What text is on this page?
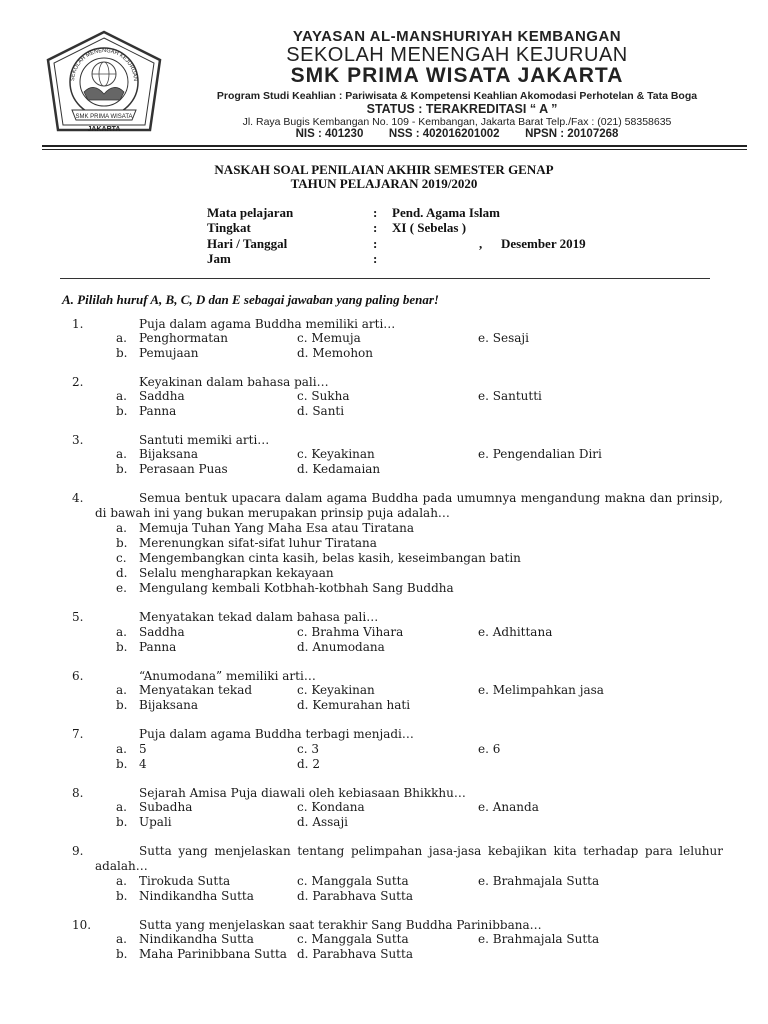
SMK PRIMA WISATA
JAKARTA
SEKOLAH MENENGAH KEJURUAN
YAYASAN AL-MANSHURIYAH KEMBANGAN
SEKOLAH MENENGAH KEJURUAN
SMK PRIMA WISATA JAKARTA
Program Studi Keahlian : Pariwisata & Kompetensi Keahlian Akomodasi Perhotelan & Tata Boga
STATUS : TERAKREDITASI “ A ”
Jl. Raya Bugis Kembangan No. 109 - Kembangan, Jakarta Barat Telp./Fax : (021) 58358635
NIS : 401230        NSS : 402016201002        NPSN : 20107268
NASKAH SOAL PENILAIAN AKHIR SEMESTER GENAP
TAHUN PELAJARAN 2019/2020
Mata pelajaran	: Pend. Agama Islam
Tingkat	: XI ( Sebelas )
Hari / Tanggal	:	, Desember 2019
Jam	:
A. Pililah huruf A, B, C, D dan E sebagai jawaban yang paling benar!
1.	Puja dalam agama Buddha memiliki arti…
a. Penghormatan
b. Pemujaan
c. Memuja
d. Memohon
e. Sesaji
2.	Keyakinan dalam bahasa pali…
a. Saddha
b. Panna
c. Sukha
d. Santi
e. Santutti
3.	Santuti memiki arti…
a. Bijaksana
b. Perasaan Puas
c. Keyakinan
d. Kedamaian
e. Pengendalian Diri
4.	Semua bentuk upacara dalam agama Buddha pada umumnya mengandung makna dan prinsip, di bawah ini yang bukan merupakan prinsip puja adalah…
a. Memuja Tuhan Yang Maha Esa atau Tiratana
b. Merenungkan sifat-sifat luhur Tiratana
c. Mengembangkan cinta kasih, belas kasih, keseimbangan batin
d. Selalu mengharapkan kekayaan
e. Mengulang kembali Kotbhah-kotbhah Sang Buddha
5.	Menyatakan tekad dalam bahasa pali…
a. Saddha
b. Panna
c. Brahma Vihara
d. Anumodana
e. Adhittana
6.	“Anumodana” memiliki arti…
a. Menyatakan tekad
b. Bijaksana
c. Keyakinan
d. Kemurahan hati
e. Melimpahkan jasa
7.	Puja dalam agama Buddha terbagi menjadi…
a. 5
b. 4
c. 3
d. 2
e. 6
8.	Sejarah Amisa Puja diawali oleh kebiasaan Bhikkhu…
a. Subadha
b. Upali
c. Kondana
d. Assaji
e. Ananda
9.	Sutta yang menjelaskan tentang pelimpahan jasa-jasa kebajikan kita terhadap para leluhur adalah…
a. Tirokuda Sutta
b. Nindikandha Sutta
c. Manggala Sutta
d. Parabhava Sutta
e. Brahmajala Sutta
10.	Sutta yang menjelaskan saat terakhir Sang Buddha Parinibbana…
a. Nindikandha Sutta
b. Maha Parinibbana Sutta
c. Manggala Sutta
d. Parabhava Sutta
e. Brahmajala Sutta
